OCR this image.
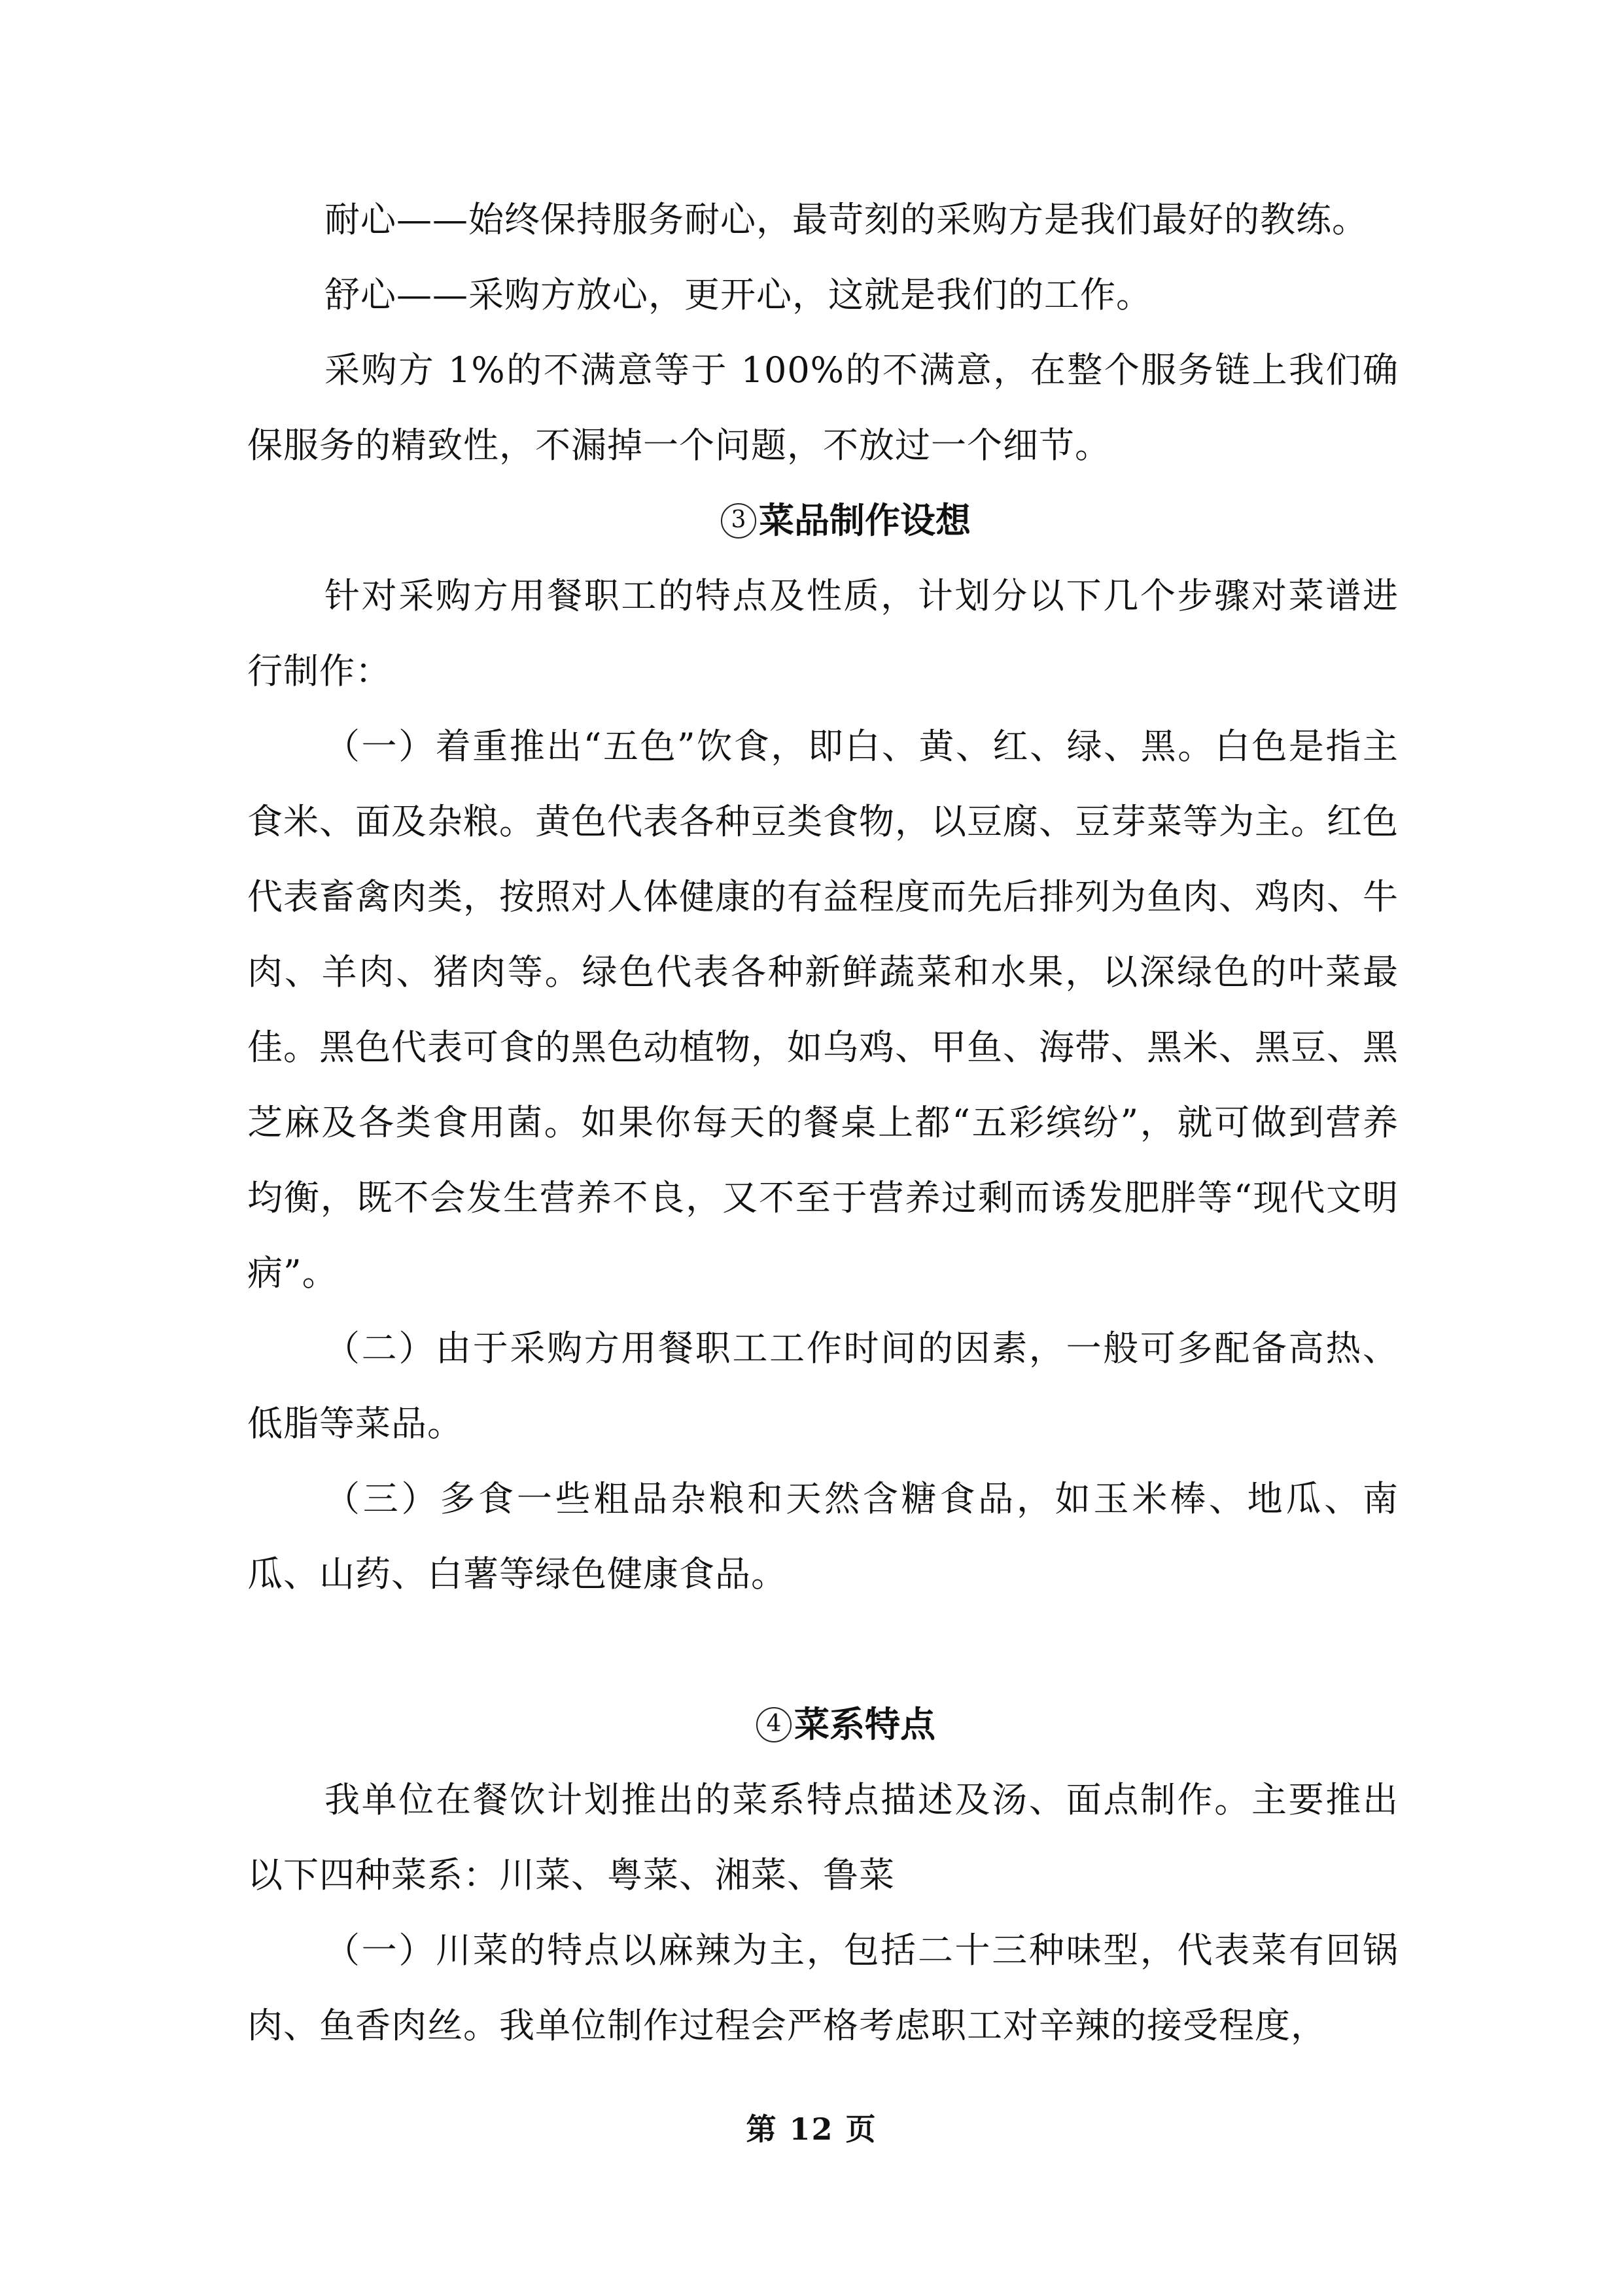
耐心——始终保持服务耐心，最苛刻的采购方是我们最好的教练。

舒心——采购方放心，更开心，这就是我们的工作。

采购方 1%的不满意等于 100%的不满意，在整个服务链上我们确保服务的精致性，不漏掉一个问题，不放过一个细节。

3 菜品制作设想

针对采购方用餐职工的特点及性质，计划分以下几个步骤对菜谱进行制作：

（一）着重推出“五色”饮食，即白、黄、红、绿、黑。白色是指主食米、面及杂粮。黄色代表各种豆类食物，以豆腐、豆芽菜等为主。红色代表畜禽肉类，按照对人体健康的有益程度而先后排列为鱼肉、鸡肉、牛肉、羊肉、猪肉等。绿色代表各种新鲜蔬菜和水果，以深绿色的叶菜最佳。黑色代表可食的黑色动植物，如乌鸡、甲鱼、海带、黑米、黑豆、黑芝麻及各类食用菌。如果你每天的餐桌上都“五彩缤纷”，就可做到营养均衡，既不会发生营养不良，又不至于营养过剩而诱发肥胖等“现代文明病”。

（二）由于采购方用餐职工工作时间的因素，一般可多配备高热、低脂等菜品。

（三）多食一些粗品杂粮和天然含糖食品，如玉米棒、地瓜、南瓜、山药、白薯等绿色健康食品。

4 菜系特点

我单位在餐饮计划推出的菜系特点描述及汤、面点制作。主要推出以下四种菜系：川菜、粤菜、湘菜、鲁菜

（一）川菜的特点以麻辣为主，包括二十三种味型，代表菜有回锅肉、鱼香肉丝。我单位制作过程会严格考虑职工对辛辣的接受程度，

第 12 页
